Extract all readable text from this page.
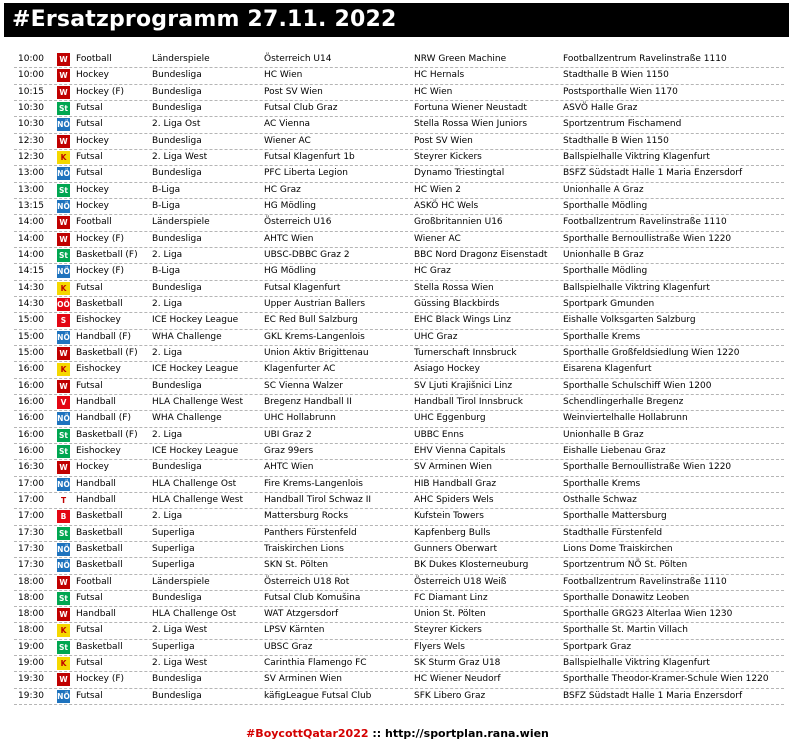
#Ersatzprogramm 27.11. 2022
10:00	W Football	Länderspiele	Österreich U14	NRW Green Machine	Footballzentrum Ravelinstraße 1110
10:00	W Hockey	Bundesliga	HC Wien	HC Hernals	Stadthalle B Wien 1150
10:15	W Hockey (F)	Bundesliga	Post SV Wien	HC Wien	Postsporthalle Wien 1170
10:30	St Futsal	Bundesliga	Futsal Club Graz	Fortuna Wiener Neustadt	ASVÖ Halle Graz
10:30	NÖ Futsal	2. Liga Ost	AC Vienna	Stella Rossa Wien Juniors	Sportzentrum Fischamend
12:30	W Hockey	Bundesliga	Wiener AC	Post SV Wien	Stadthalle B Wien 1150
12:30	K	Futsal	2. Liga West	Futsal Klagenfurt 1b	Steyrer Kickers	Ballspielhalle Viktring Klagenfurt
13:00	NÖ Futsal	Bundesliga	PFC Liberta Legion	Dynamo Triestingtal	BSFZ Südstadt Halle 1 Maria Enzersdorf
13:00	St Hockey	B-Liga	HC Graz	HC Wien 2	Unionhalle A Graz
13:15	NÖ Hockey	B-Liga	HG Mödling	ASKÖ HC Wels	Sporthalle Mödling
14:00	W Football	Länderspiele	Österreich U16	Großbritannien U16	Footballzentrum Ravelinstraße 1110
14:00	W Hockey (F)	Bundesliga	AHTC Wien	Wiener AC	Sporthalle Bernoullistraße Wien 1220
14:00	St Basketball (F)	2. Liga	UBSC-DBBC Graz 2	BBC Nord Dragonz Eisenstadt	Unionhalle B Graz
14:15	NÖ Hockey (F)	B-Liga	HG Mödling	HC Graz	Sporthalle Mödling
14:30	K	Futsal	Bundesliga	Futsal Klagenfurt	Stella Rossa Wien	Ballspielhalle Viktring Klagenfurt
14:30	OÖ Basketball	2. Liga	Upper Austrian Ballers	Güssing Blackbirds	Sportpark Gmunden
15:00	S	Eishockey	ICE Hockey League	EC Red Bull Salzburg	EHC Black Wings Linz	Eishalle Volksgarten Salzburg
15:00	NÖ Handball (F)	WHA Challenge	GKL Krems-Langenlois	UHC Graz	Sporthalle Krems
15:00	W Basketball (F)	2. Liga	Union Aktiv Brigittenau	Turnerschaft Innsbruck	Sporthalle Großfeldsiedlung Wien 1220
16:00	K	Eishockey	ICE Hockey League	Klagenfurter AC	Asiago Hockey	Eisarena Klagenfurt
16:00	W Futsal	Bundesliga	SC Vienna Walzer	SV Ljuti Krajišnici Linz	Sporthalle Schulschiff Wien 1200
16:00	V	Handball	HLA Challenge West	Bregenz Handball II	Handball Tirol Innsbruck	Schendlingerhalle Bregenz
16:00	NÖ Handball (F)	WHA Challenge	UHC Hollabrunn	UHC Eggenburg	Weinviertelhalle Hollabrunn
16:00	St Basketball (F)	2. Liga	UBI Graz 2	UBBC Enns	Unionhalle B Graz
16:00	St Eishockey	ICE Hockey League	Graz 99ers	EHV Vienna Capitals	Eishalle Liebenau Graz
16:30	W Hockey	Bundesliga	AHTC Wien	SV Arminen Wien	Sporthalle Bernoullistraße Wien 1220
17:00	NÖ Handball	HLA Challenge Ost	Fire Krems-Langenlois	HIB Handball Graz	Sporthalle Krems
17:00	T	Handball	HLA Challenge West	Handball Tirol Schwaz II	AHC Spiders Wels	Osthalle Schwaz
17:00	B	Basketball	2. Liga	Mattersburg Rocks	Kufstein Towers	Sporthalle Mattersburg
17:30	St Basketball	Superliga	Panthers Fürstenfeld	Kapfenberg Bulls	Stadthalle Fürstenfeld
17:30	NÖ Basketball	Superliga	Traiskirchen Lions	Gunners Oberwart	Lions Dome Traiskirchen
17:30	NÖ Basketball	Superliga	SKN St. Pölten	BK Dukes Klosterneuburg	Sportzentrum NÖ St. Pölten
18:00	W Football	Länderspiele	Österreich U18 Rot	Österreich U18 Weiß	Footballzentrum Ravelinstraße 1110
18:00	St Futsal	Bundesliga	Futsal Club Komušina	FC Diamant Linz	Sporthalle Donawitz Leoben
18:00	W Handball	HLA Challenge Ost	WAT Atzgersdorf	Union St. Pölten	Sporthalle GRG23 Alterlaa Wien 1230
18:00	K	Futsal	2. Liga West	LPSV Kärnten	Steyrer Kickers	Sporthalle St. Martin Villach
19:00	St Basketball	Superliga	UBSC Graz	Flyers Wels	Sportpark Graz
19:00	K	Futsal	2. Liga West	Carinthia Flamengo FC	SK Sturm Graz U18	Ballspielhalle Viktring Klagenfurt
19:30	W Hockey (F)	Bundesliga	SV Arminen Wien	HC Wiener Neudorf	Sporthalle Theodor-Kramer-Schule Wien 1220
19:30	NÖ Futsal	Bundesliga	käfigLeague Futsal Club	SFK Libero Graz	BSFZ Südstadt Halle 1 Maria Enzersdorf
#BoycottQatar2022 :: http://sportplan.rana.wien
